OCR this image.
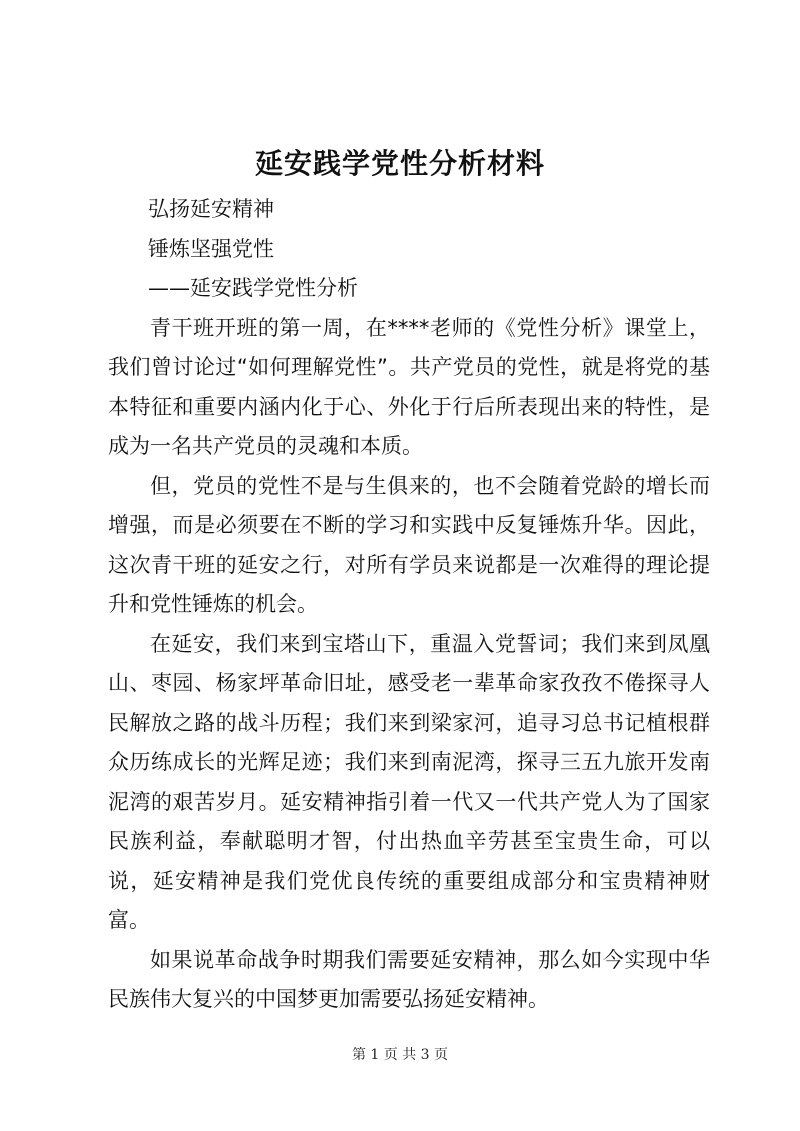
延安践学党性分析材料
弘扬延安精神
锤炼坚强党性
——延安践学党性分析

青干班开班的第一周，在****老师的《党性分析》课堂上，我们曾讨论过“如何理解党性”。共产党员的党性，就是将党的基本特征和重要内涵内化于心、外化于行后所表现出来的特性，是成为一名共产党员的灵魂和本质。

但，党员的党性不是与生俱来的，也不会随着党龄的增长而增强，而是必须要在不断的学习和实践中反复锤炼升华。因此，这次青干班的延安之行，对所有学员来说都是一次难得的理论提升和党性锤炼的机会。

在延安，我们来到宝塔山下，重温入党誓词；我们来到凤凰山、枣园、杨家坪革命旧址，感受老一辈革命家孜孜不倦探寻人民解放之路的战斗历程；我们来到梁家河，追寻习总书记植根群众历练成长的光辉足迹；我们来到南泥湾，探寻三五九旅开发南泥湾的艰苦岁月。延安精神指引着一代又一代共产党人为了国家民族利益，奉献聪明才智，付出热血辛劳甚至宝贵生命，可以说，延安精神是我们党优良传统的重要组成部分和宝贵精神财富。

如果说革命战争时期我们需要延安精神，那么如今实现中华民族伟大复兴的中国梦更加需要弘扬延安精神。

第 1 页 共 3 页
